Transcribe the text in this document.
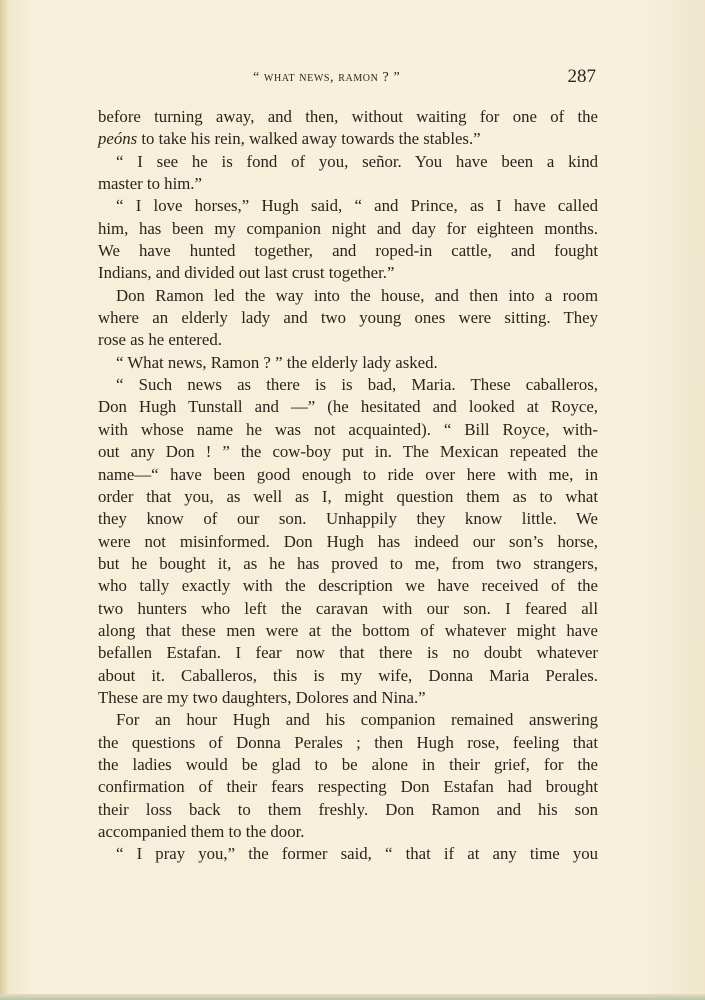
“ what news, ramon ? ”	287
before turning away, and then, without waiting for one of the
peóns to take his rein, walked away towards the stables.”
“ I see he is fond of you, señor. You have been a kind
master to him.”
“ I love horses,” Hugh said, “ and Prince, as I have called
him, has been my companion night and day for eighteen months.
We have hunted together, and roped-in cattle, and fought
Indians, and divided out last crust together.”
Don Ramon led the way into the house, and then into a room
where an elderly lady and two young ones were sitting. They
rose as he entered.
“ What news, Ramon ? ” the elderly lady asked.
“ Such news as there is is bad, Maria. These caballeros,
Don Hugh Tunstall and —” (he hesitated and looked at Royce,
with whose name he was not acquainted). “ Bill Royce, with-
out any Don ! ” the cow-boy put in. The Mexican repeated the
name—“ have been good enough to ride over here with me, in
order that you, as well as I, might question them as to what
they know of our son. Unhappily they know little. We
were not misinformed. Don Hugh has indeed our son’s horse,
but he bought it, as he has proved to me, from two strangers,
who tally exactly with the description we have received of the
two hunters who left the caravan with our son. I feared all
along that these men were at the bottom of whatever might have
befallen Estafan. I fear now that there is no doubt whatever
about it. Caballeros, this is my wife, Donna Maria Perales.
These are my two daughters, Dolores and Nina.”
For an hour Hugh and his companion remained answering
the questions of Donna Perales ; then Hugh rose, feeling that
the ladies would be glad to be alone in their grief, for the
confirmation of their fears respecting Don Estafan had brought
their loss back to them freshly. Don Ramon and his son
accompanied them to the door.
“ I pray you,” the former said, “ that if at any time you
